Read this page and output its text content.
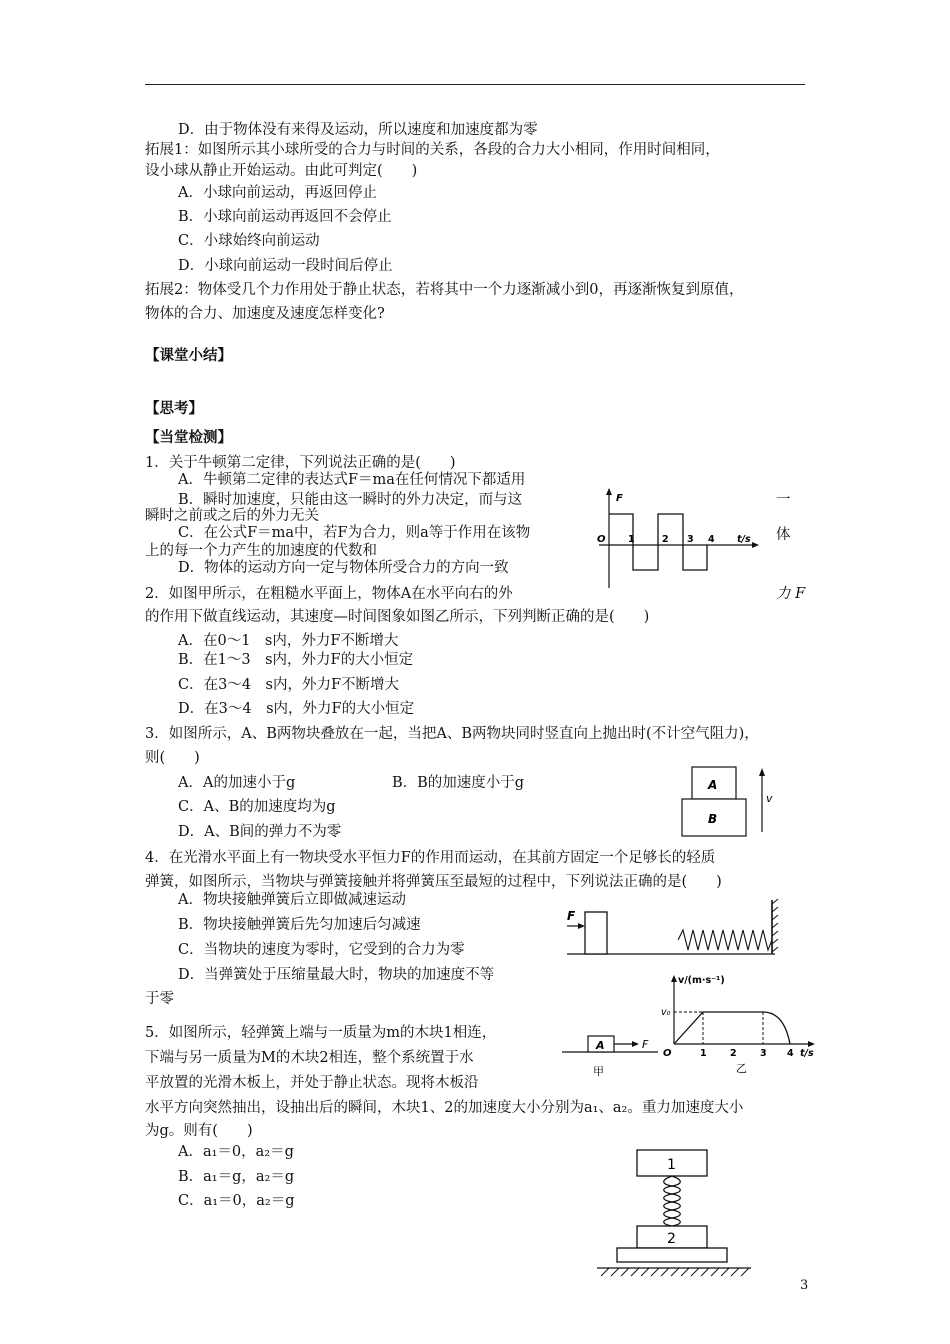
D．由于物体没有来得及运动，所以速度和加速度都为零
拓展1：如图所示其小球所受的合力与时间的关系，各段的合力大小相同，作用时间相同，
设小球从静止开始运动。由此可判定(　　)
A．小球向前运动，再返回停止
B．小球向前运动再返回不会停止
C．小球始终向前运动
D．小球向前运动一段时间后停止
拓展2：物体受几个力作用处于静止状态，若将其中一个力逐渐减小到0，再逐渐恢复到原值，
物体的合力、加速度及速度怎样变化?
【课堂小结】
【思考】
【当堂检测】
1．关于牛顿第二定律，下列说法正确的是(　　)
A．牛顿第二定律的表达式F＝ma在任何情况下都适用
B．瞬时加速度，只能由这一瞬时的外力决定，而与这
瞬时之前或之后的外力无关
C．在公式F＝ma中，若F为合力，则a等于作用在该物
上的每一个力产生的加速度的代数和
D．物体的运动方向一定与物体所受合力的方向一致
一
体
力 F
2．如图甲所示，在粗糙水平面上，物体A在水平向右的外
的作用下做直线运动，其速度—时间图象如图乙所示，下列判断正确的是(　　)
A．在0～1　s内，外力F不断增大
B．在1～3　s内，外力F的大小恒定
C．在3～4　s内，外力F不断增大
D．在3～4　s内，外力F的大小恒定
3．如图所示，A、B两物块叠放在一起，当把A、B两物块同时竖直向上抛出时(不计空气阻力)，
则(　　)
A．A的加速小于g	B．B的加速度小于g
C．A、B的加速度均为g
D．A、B间的弹力不为零
4．在光滑水平面上有一物块受水平恒力F的作用而运动，在其前方固定一个足够长的轻质
弹簧，如图所示，当物块与弹簧接触并将弹簧压至最短的过程中，下列说法正确的是(　　)
A．物块接触弹簧后立即做减速运动
B．物块接触弹簧后先匀加速后匀减速
C．当物块的速度为零时，它受到的合力为零
D．当弹簧处于压缩量最大时，物块的加速度不等
于零
5．如图所示，轻弹簧上端与一质量为m的木块1相连，
下端与另一质量为M的木块2相连，整个系统置于水
平放置的光滑木板上，并处于静止状态。现将木板沿
水平方向突然抽出，设抽出后的瞬间，木块1、2的加速度大小分别为a₁、a₂。重力加速度大小
为g。则有(　　)
A．a₁＝0，a₂＝g
B．a₁＝g，a₂＝g
C．a₁＝0，a₂＝g
3
F
O 1	2 3 4 t/s
A
B
v
F
A	F
甲
v/(m·s⁻¹)
v₀
O	1 2 3 4 t/s
乙
1
2
